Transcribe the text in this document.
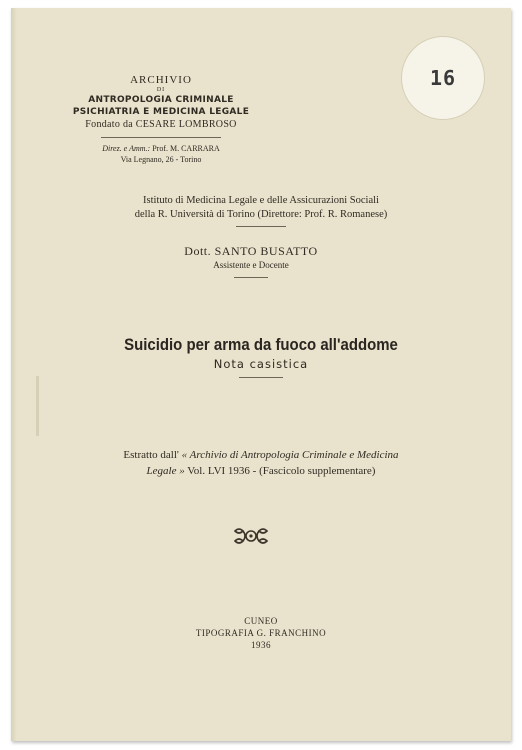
16
ARCHIVIO
DI
ANTROPOLOGIA CRIMINALE
PSICHIATRIA E MEDICINA LEGALE
Fondato da CESARE LOMBROSO
Direz. e Amm.: Prof. M. CARRARA
Via Legnano, 26 - Torino
Istituto di Medicina Legale e delle Assicurazioni Sociali
della R. Università di Torino (Direttore: Prof. R. Romanese)
Dott. SANTO BUSATTO
Assistente e Docente
Suicidio per arma da fuoco all'addome
Nota casistica
Estratto dall' « Archivio di Antropologia Criminale e Medicina
Legale » Vol. LVI 1936 - (Fascicolo supplementare)
CUNEO
TIPOGRAFIA G. FRANCHINO
1936
